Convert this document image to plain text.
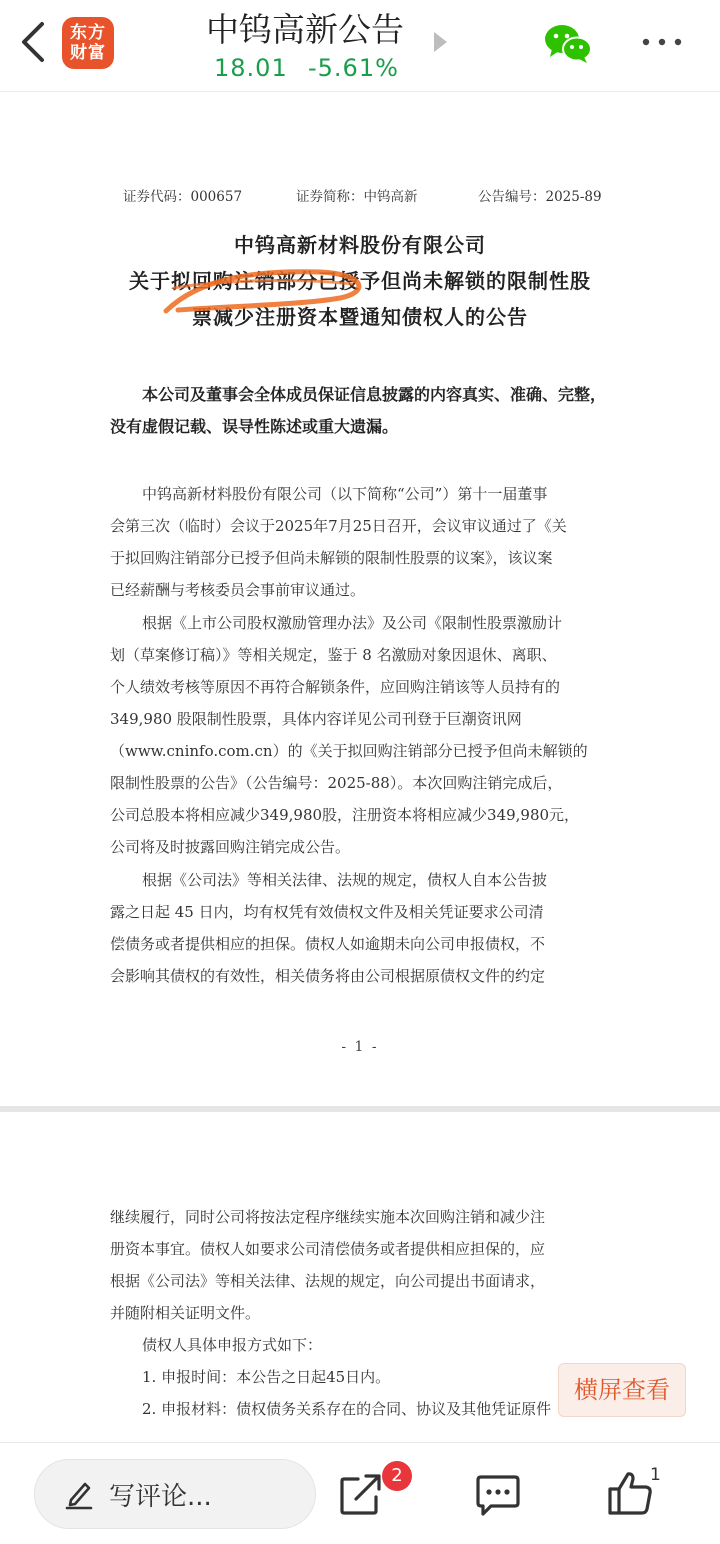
东方
财富
中钨高新公告
18.01 -5.61%
证券代码：000657	证券简称：中钨高新	公告编号：2025-89
中钨高新材料股份有限公司
关于拟回购注销部分已授予但尚未解锁的限制性股
票减少注册资本暨通知债权人的公告
本公司及董事会全体成员保证信息披露的内容真实、准确、完整，
没有虚假记载、误导性陈述或重大遗漏。
中钨高新材料股份有限公司（以下简称“公司”）第十一届董事
会第三次（临时）会议于2025年7月25日召开，会议审议通过了《关
于拟回购注销部分已授予但尚未解锁的限制性股票的议案》，该议案
已经薪酬与考核委员会事前审议通过。
根据《上市公司股权激励管理办法》及公司《限制性股票激励计
划（草案修订稿）》等相关规定，鉴于 8 名激励对象因退休、离职、
个人绩效考核等原因不再符合解锁条件，应回购注销该等人员持有的
349,980 股限制性股票，具体内容详见公司刊登于巨潮资讯网
（www.cninfo.com.cn）的《关于拟回购注销部分已授予但尚未解锁的
限制性股票的公告》（公告编号：2025-88）。本次回购注销完成后，
公司总股本将相应减少349,980股，注册资本将相应减少349,980元，
公司将及时披露回购注销完成公告。
根据《公司法》等相关法律、法规的规定，债权人自本公告披
露之日起 45 日内，均有权凭有效债权文件及相关凭证要求公司清
偿债务或者提供相应的担保。债权人如逾期未向公司申报债权，不
会影响其债权的有效性，相关债务将由公司根据原债权文件的约定
- 1 -
继续履行，同时公司将按法定程序继续实施本次回购注销和减少注
册资本事宜。债权人如要求公司清偿债务或者提供相应担保的，应
根据《公司法》等相关法律、法规的规定，向公司提出书面请求，
并随附相关证明文件。
债权人具体申报方式如下：
1. 申报时间：本公告之日起45日内。
2. 申报材料：债权债务关系存在的合同、协议及其他凭证原件
横屏查看
写评论...
2	1
